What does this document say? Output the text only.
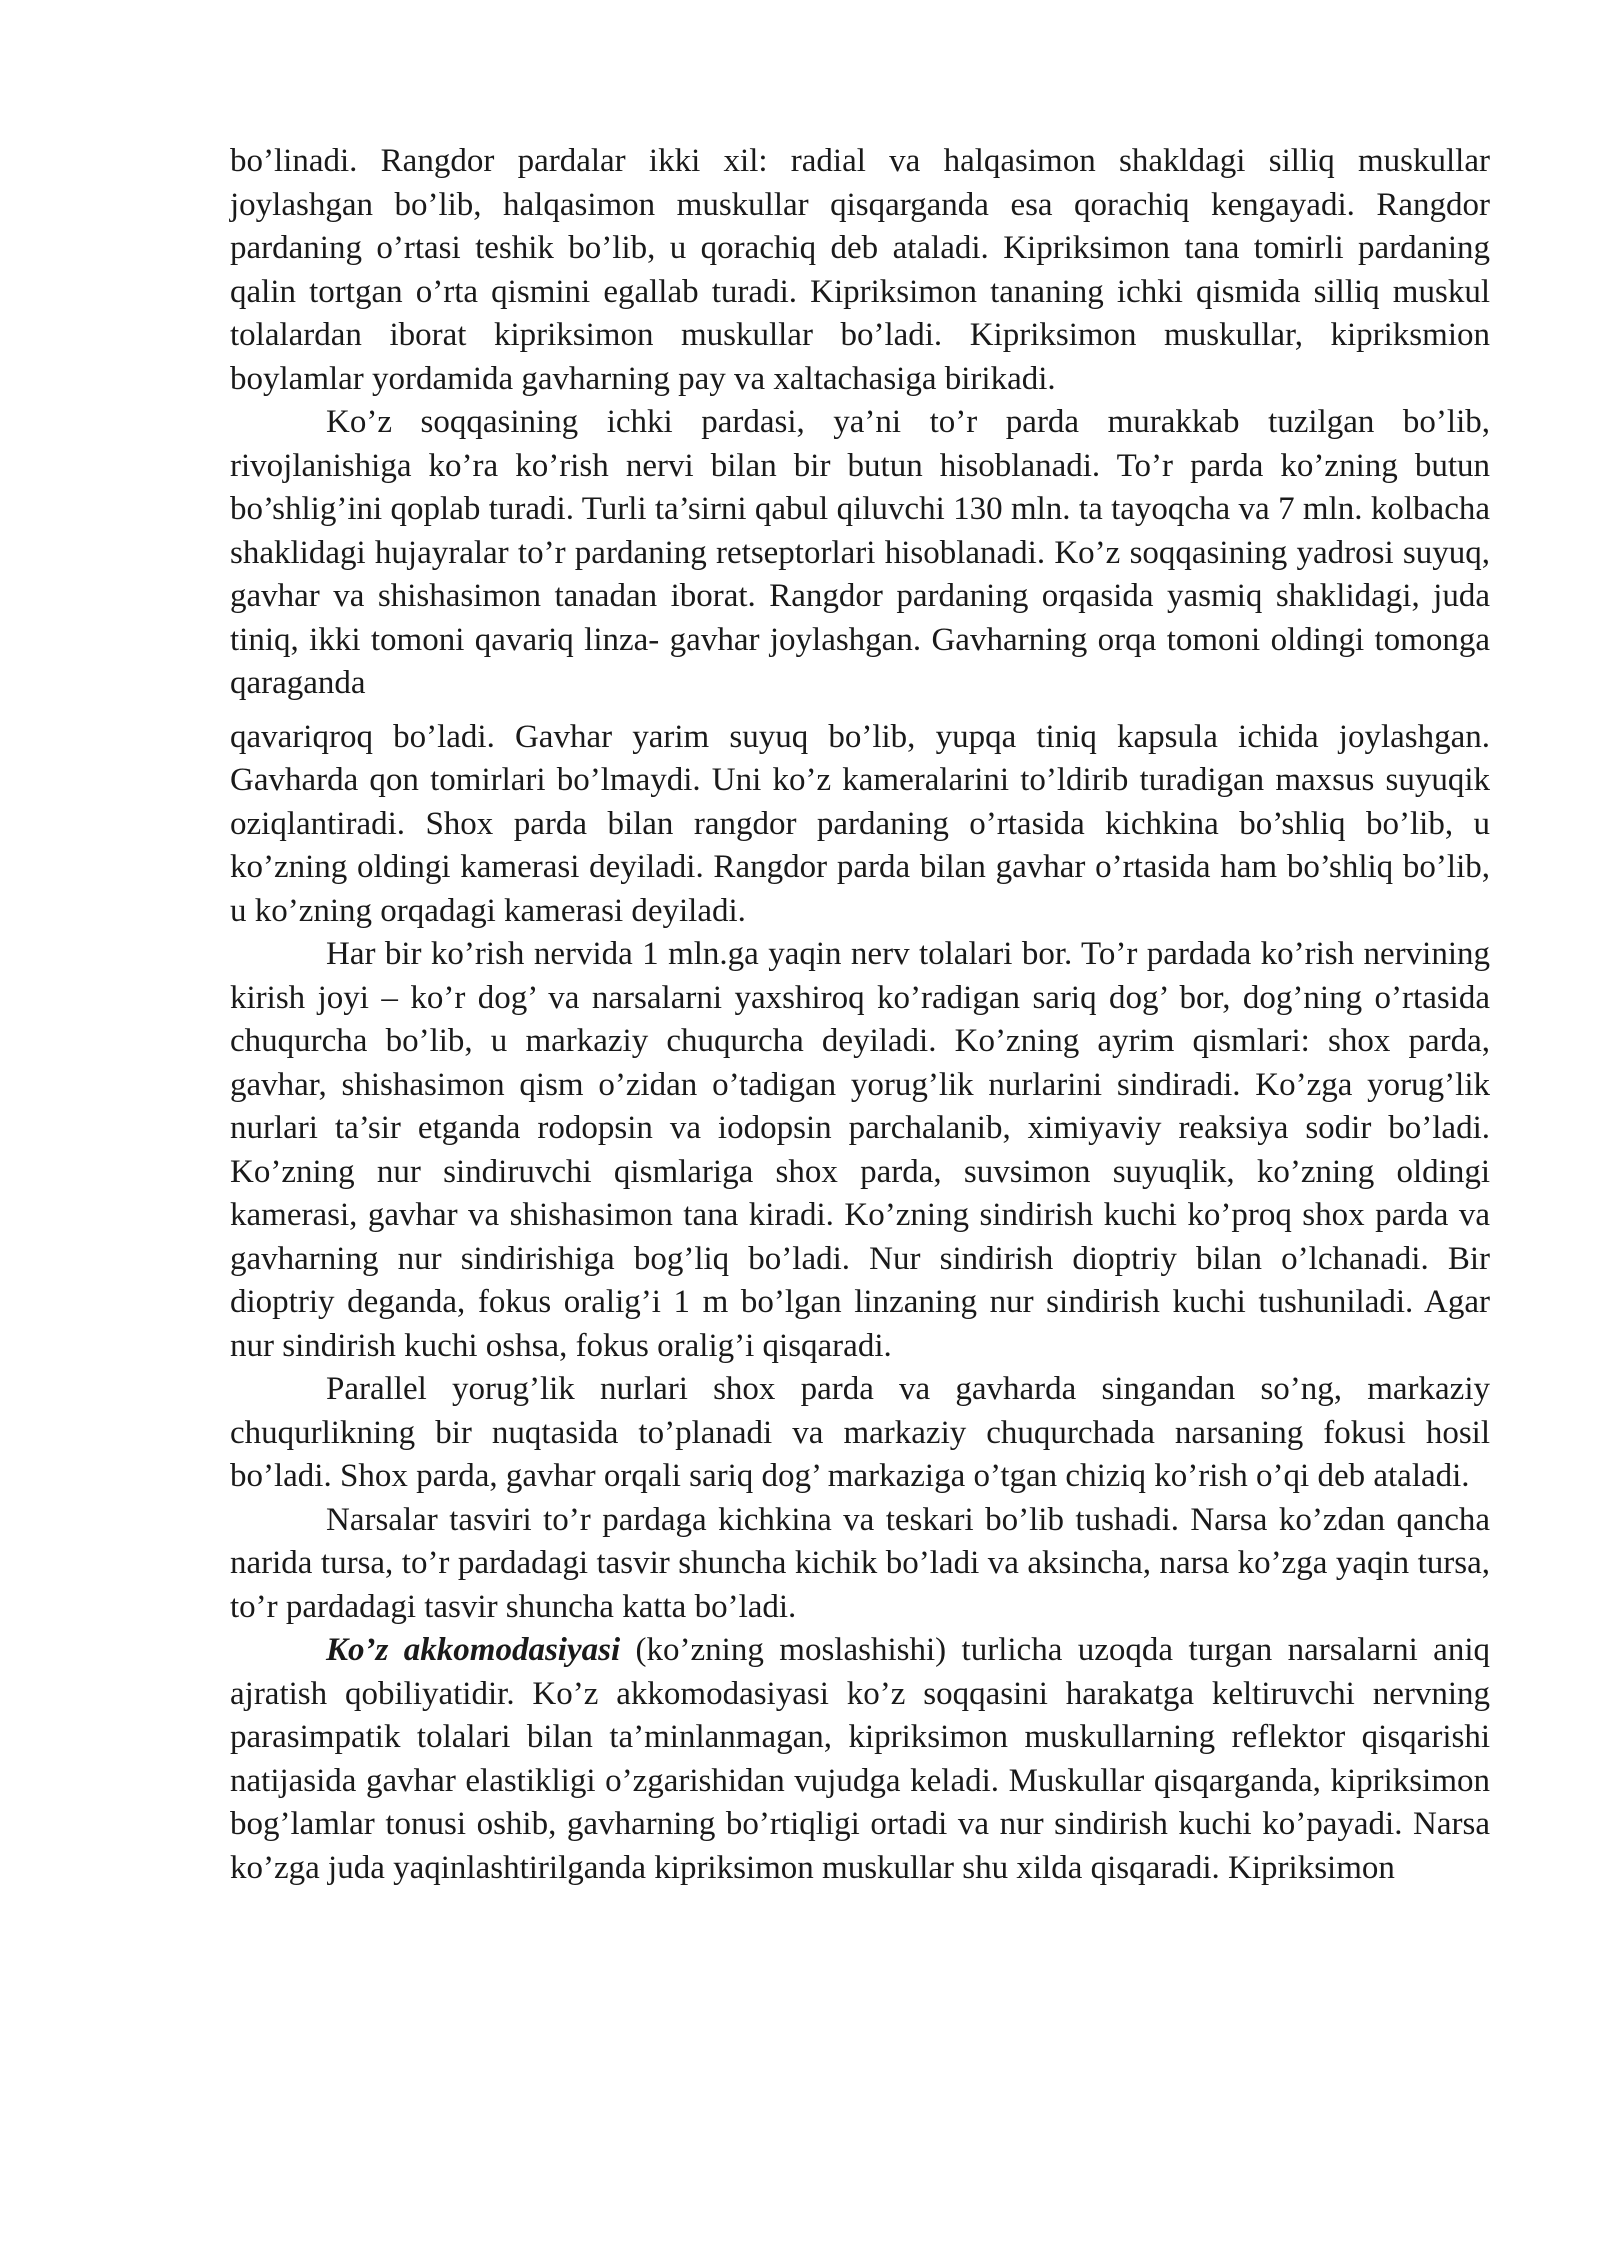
bo’linadi. Rangdor pardalar ikki xil: radial va halqasimon shakldagi silliq muskullar joylashgan bo’lib, halqasimon muskullar qisqarganda esa qorachiq kengayadi. Rangdor pardaning o’rtasi teshik bo’lib, u qorachiq deb ataladi. Kipriksimon tana tomirli pardaning qalin tortgan o’rta qismini egallab turadi. Kipriksimon tananing ichki qismida silliq muskul tolalardan iborat kipriksimon muskullar bo’ladi. Kipriksimon muskullar, kipriksmion boylamlar yordamida gavharning pay va xaltachasiga birikadi.

Ko’z soqqasining ichki pardasi, ya’ni to’r parda murakkab tuzilgan bo’lib, rivojlanishiga ko’ra ko’rish nervi bilan bir butun hisoblanadi. To’r parda ko’zning butun bo’shlig’ini qoplab turadi. Turli ta’sirni qabul qiluvchi 130 mln. ta tayoqcha va 7 mln. kolbacha shaklidagi hujayralar to’r pardaning retseptorlari hisoblanadi. Ko’z soqqasining yadrosi suyuq, gavhar va shishasimon tanadan iborat. Rangdor pardaning orqasida yasmiq shaklidagi, juda tiniq, ikki tomoni qavariq linza- gavhar joylashgan. Gavharning orqa tomoni oldingi tomonga qaraganda

qavariqroq bo’ladi. Gavhar yarim suyuq bo’lib, yupqa tiniq kapsula ichida joylashgan. Gavharda qon tomirlari bo’lmaydi. Uni ko’z kameralarini to’ldirib turadigan maxsus suyuqik oziqlantiradi. Shox parda bilan rangdor pardaning o’rtasida kichkina bo’shliq bo’lib, u ko’zning oldingi kamerasi deyiladi. Rangdor parda bilan gavhar o’rtasida ham bo’shliq bo’lib, u ko’zning orqadagi kamerasi deyiladi.

Har bir ko’rish nervida 1 mln.ga yaqin nerv tolalari bor. To’r pardada ko’rish nervining kirish joyi – ko’r dog’ va narsalarni yaxshiroq ko’radigan sariq dog’ bor, dog’ning o’rtasida chuqurcha bo’lib, u markaziy chuqurcha deyiladi. Ko’zning ayrim qismlari: shox parda, gavhar, shishasimon qism o’zidan o’tadigan yorug’lik nurlarini sindiradi. Ko’zga yorug’lik nurlari ta’sir etganda rodopsin va iodopsin parchalanib, ximiyaviy reaksiya sodir bo’ladi. Ko’zning nur sindiruvchi qismlariga shox parda, suvsimon suyuqlik, ko’zning oldingi kamerasi, gavhar va shishasimon tana kiradi. Ko’zning sindirish kuchi ko’proq shox parda va gavharning nur sindirishiga bog’liq bo’ladi. Nur sindirish dioptriy bilan o’lchanadi. Bir dioptriy deganda, fokus oralig’i 1 m bo’lgan linzaning nur sindirish kuchi tushuniladi. Agar nur sindirish kuchi oshsa, fokus oralig’i qisqaradi.

Parallel yorug’lik nurlari shox parda va gavharda singandan so’ng, markaziy chuqurlikning bir nuqtasida to’planadi va markaziy chuqurchada narsaning fokusi hosil bo’ladi. Shox parda, gavhar orqali sariq dog’ markaziga o’tgan chiziq ko’rish o’qi deb ataladi.

Narsalar tasviri to’r pardaga kichkina va teskari bo’lib tushadi. Narsa ko’zdan qancha narida tursa, to’r pardadagi tasvir shuncha kichik bo’ladi va aksincha, narsa ko’zga yaqin tursa, to’r pardadagi tasvir shuncha katta bo’ladi.

Ko’z akkomodasiyasi (ko’zning moslashishi) turlicha uzoqda turgan narsalarni aniq ajratish qobiliyatidir. Ko’z akkomodasiyasi ko’z soqqasini harakatga keltiruvchi nervning parasimpatik tolalari bilan ta’minlanmagan, kipriksimon muskullarning reflektor qisqarishi natijasida gavhar elastikligi o’zgarishidan vujudga keladi. Muskullar qisqarganda, kipriksimon bog’lamlar tonusi oshib, gavharning bo’rtiqligi ortadi va nur sindirish kuchi ko’payadi. Narsa ko’zga juda yaqinlashtirilganda kipriksimon muskullar shu xilda qisqaradi. Kipriksimon
